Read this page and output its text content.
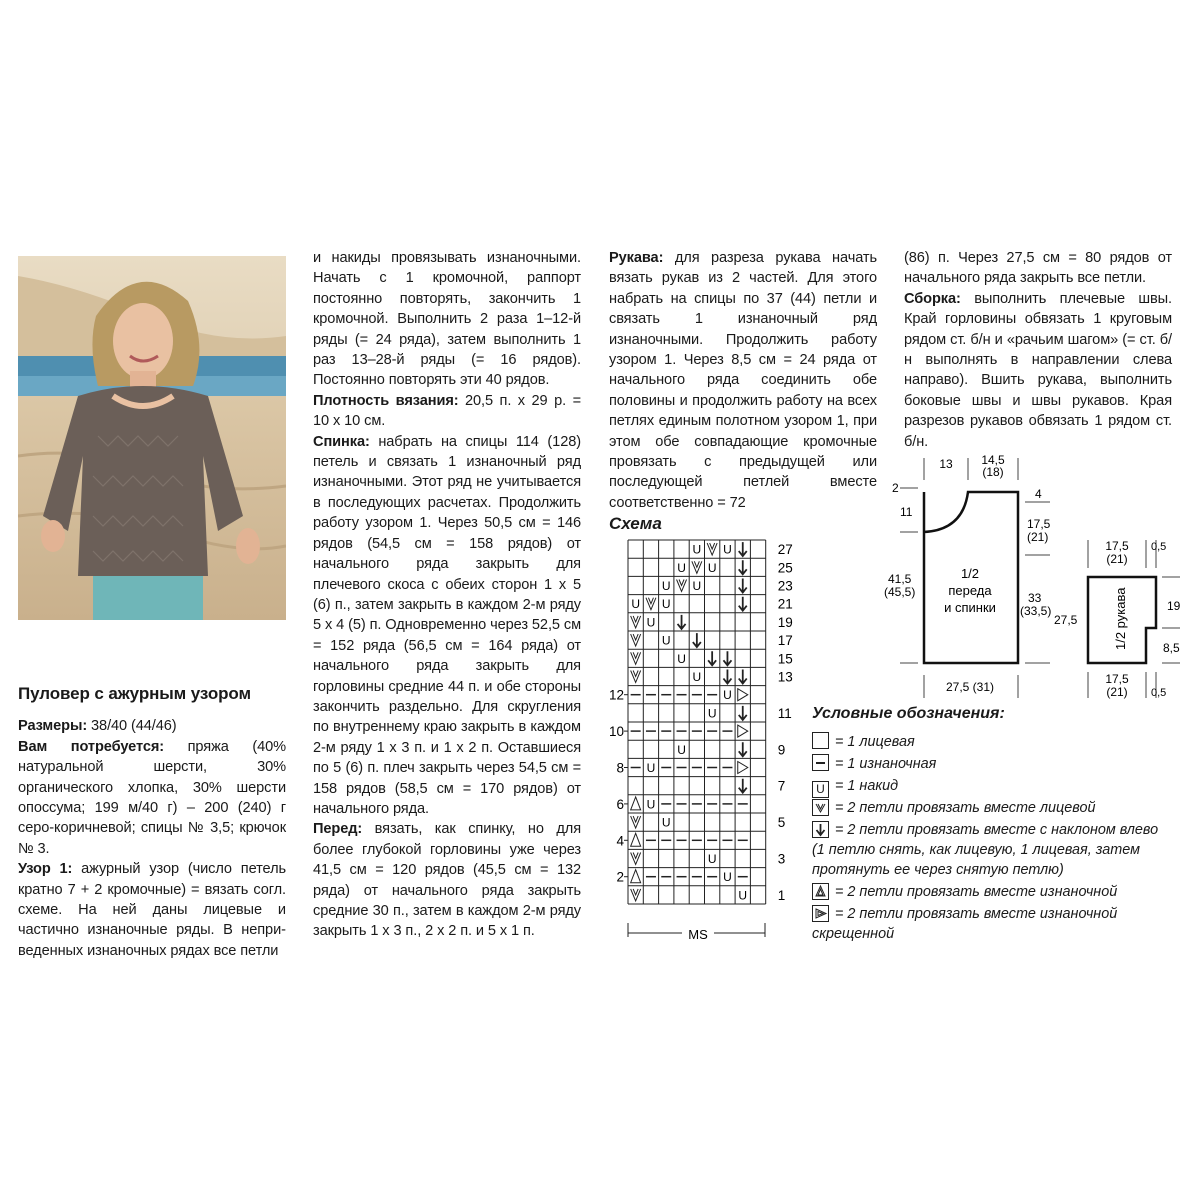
Пуловер с ажурным узором

Размеры: 38/40 (44/46)

Вам потребуется: пряжа (40% натуральной шерсти, 30% органического хлопка, 30% шерсти опоссума; 199 м/40 г) – 200 (240) г серо-коричневой; спицы № 3,5; крючок № 3.

Узор 1: ажурный узор (число петель кратно 7 + 2 кромочные) = вязать согл. схеме. На ней даны лицевые и частично изнаночные ряды. В неприведенных изнаночных рядах все петли

и накиды провязывать изнаночными. Начать с 1 кромочной, раппорт постоянно повторять, закончить 1 кромочной. Выполнить 2 раза 1–12-й ряды (= 24 ряда), затем выполнить 1 раз 13–28-й ряды (= 16 рядов). Постоянно повторять эти 40 рядов.

Плотность вязания: 20,5 п. х 29 р. = 10 х 10 см.

Спинка: набрать на спицы 114 (128) петель и связать 1 изнаночный ряд изнаночными. Этот ряд не учитывается в последующих расчетах. Продолжить работу узором 1. Через 50,5 см = 146 рядов (54,5 см = 158 рядов) от начального ряда закрыть для плечевого скоса с обеих сторон 1 х 5 (6) п., затем закрыть в каждом 2-м ряду 5 х 4 (5) п. Одновременно через 52,5 см = 152 ряда (56,5 см = 164 ряда) от начального ряда закрыть для горловины средние 44 п. и обе стороны закончить раздельно. Для скругления по внутреннему краю закрыть в каждом 2-м ряду 1 х 3 п. и 1 х 2 п. Оставшиеся по 5 (6) п. плеч закрыть через 54,5 см = 158 рядов (58,5 см = 170 рядов) от начального ряда.

Перед: вязать, как спинку, но для более глубокой горловины уже через 41,5 см = 120 рядов (45,5 см = 132 ряда) от начального ряда закрыть средние 30 п., затем в каждом 2-м ряду закрыть 1 х 3 п., 2 х 2 п. и 5 х 1 п.

Рукава: для разреза рукава начать вязать рукав из 2 частей. Для этого набрать на спицы по 37 (44) петли и связать 1 изнаночный ряд изнаночными. Продолжить работу узором 1. Через 8,5 см = 24 ряда от начального ряда соединить обе половины и продолжить работу на всех петлях единым полотном узором 1, при этом обе совпадающие кромочные провязать с предыдущей или последующей петлей вместе соответственно = 72

(86) п. Через 27,5 см = 80 рядов от начального ряда закрыть все петли.

Сборка: выполнить плечевые швы. Край горловины обвязать 1 круговым рядом ст. б/н и «рачьим шагом» (= ст. б/н выполнять в направлении слева направо). Вшить рукава, выполнить боковые швы и швы рукавов. Края разрезов рукавов обвязать 1 рядом ст. б/н.

Схема
U U
U U
U U
U U
U
U
U
U
U
U
U
U
U
U
U
U
U
27
25
23
21
19
17
15
13
11
9
7
5
3
1
12
10
8
6
4
2
MS
13 14,5
(18)
2	4
11
17,5
(21)
41,5
(45,5)	33
(33,5)
1/2
переда
и спинки
27,5 (31)
17,5
(21)
0,5
19
27,5
8,5
17,5
(21) 0,5
1/2 рукава
Условные обозначения:
= 1 лицевая
= 1 изнаночная
U = 1 накид
= 2 петли провязать вместе лицевой
= 2 петли провязать вместе с наклоном влево
(1 петлю снять, как лицевую, 1 лицевая, затем протянуть ее через снятую петлю)
= 2 петли провязать вместе изнаночной
= 2 петли провязать вместе изнаночной скрещенной
